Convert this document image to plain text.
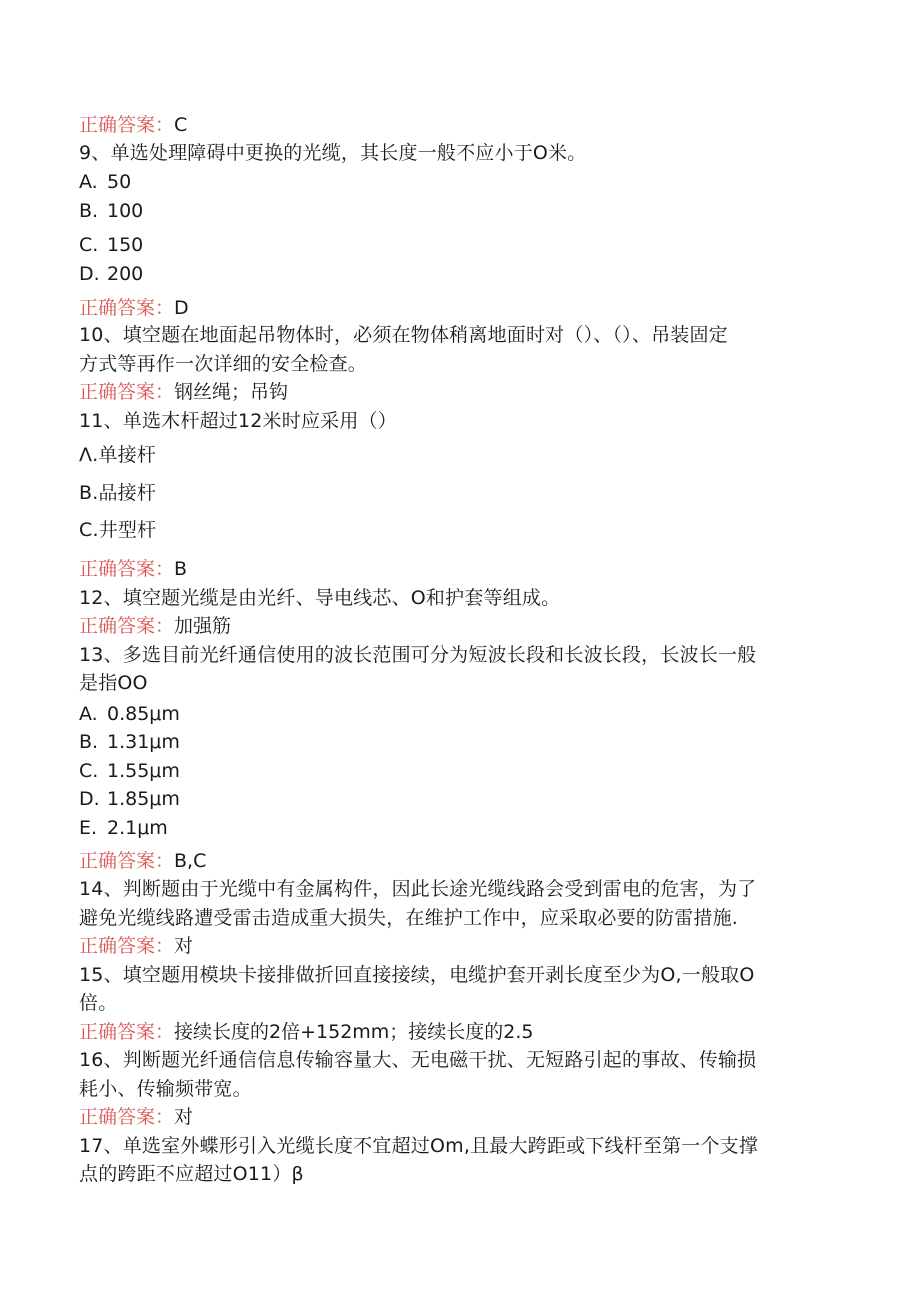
正确答案：C
9、单选处理障碍中更换的光缆，其长度一般不应小于O米。
A. 50
B. 100
C. 150
D. 200
正确答案：D
10、填空题在地面起吊物体时，必须在物体稍离地面时对（）、（）、吊装固定
方式等再作一次详细的安全检查。
正确答案：钢丝绳；吊钩
11、单选木杆超过12米时应采用（）
Λ.单接杆
B.品接杆
C.井型杆
正确答案：B
12、填空题光缆是由光纤、导电线芯、O和护套等组成。
正确答案：加强筋
13、多选目前光纤通信使用的波长范围可分为短波长段和长波长段，长波长一般
是指OO
A. 0.85μm
B. 1.31μm
C. 1.55μm
D. 1.85μm
E. 2.1μm
正确答案：B,C
14、判断题由于光缆中有金属构件，因此长途光缆线路会受到雷电的危害，为了
避免光缆线路遭受雷击造成重大损失，在维护工作中，应采取必要的防雷措施.
正确答案：对
15、填空题用模块卡接排做折回直接接续，电缆护套开剥长度至少为O,一般取O
倍。
正确答案：接续长度的2倍+152mm；接续长度的2.5
16、判断题光纤通信信息传输容量大、无电磁干扰、无短路引起的事故、传输损
耗小、传输频带宽。
正确答案：对
17、单选室外蝶形引入光缆长度不宜超过Om,且最大跨距或下线杆至第一个支撑
点的跨距不应超过O11）β
